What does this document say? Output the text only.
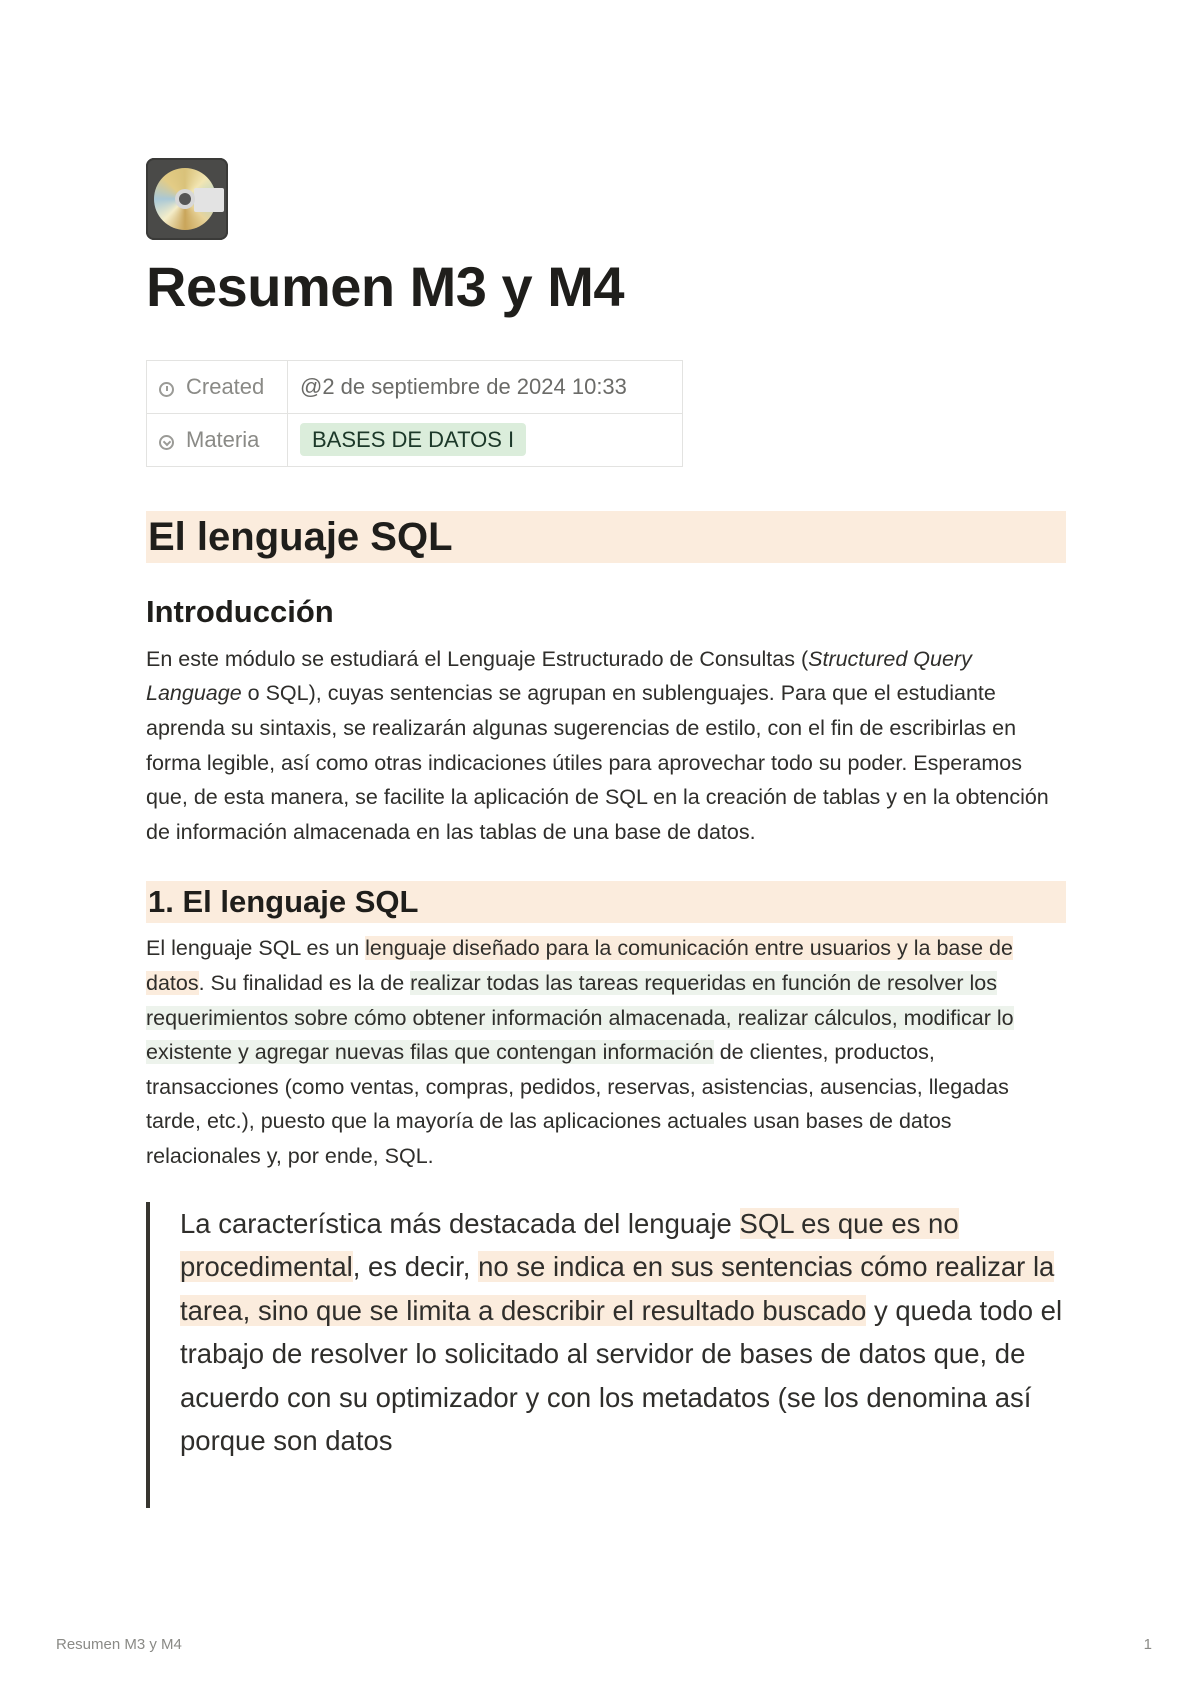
Resumen M3 y M4
Created	@2 de septiembre de 2024 10:33
Materia	BASES DE DATOS I
El lenguaje SQL
Introducción

En este módulo se estudiará el Lenguaje Estructurado de Consultas (Structured Query Language o SQL), cuyas sentencias se agrupan en sublenguajes. Para que el estudiante aprenda su sintaxis, se realizarán algunas sugerencias de estilo, con el fin de escribirlas en forma legible, así como otras indicaciones útiles para aprovechar todo su poder. Esperamos que, de esta manera, se facilite la aplicación de SQL en la creación de tablas y en la obtención de información almacenada en las tablas de una base de datos.

1. El lenguaje SQL

El lenguaje SQL es un lenguaje diseñado para la comunicación entre usuarios y la base de datos. Su finalidad es la de realizar todas las tareas requeridas en función de resolver los requerimientos sobre cómo obtener información almacenada, realizar cálculos, modificar lo existente y agregar nuevas filas que contengan información de clientes, productos, transacciones (como ventas, compras, pedidos, reservas, asistencias, ausencias, llegadas tarde, etc.), puesto que la mayoría de las aplicaciones actuales usan bases de datos relacionales y, por ende, SQL.

La característica más destacada del lenguaje SQL es que es no procedimental, es decir, no se indica en sus sentencias cómo realizar la tarea, sino que se limita a describir el resultado buscado y queda todo el trabajo de resolver lo solicitado al servidor de bases de datos que, de acuerdo con su optimizador y con los metadatos (se los denomina así porque son datos
Resumen M3 y M4	1
